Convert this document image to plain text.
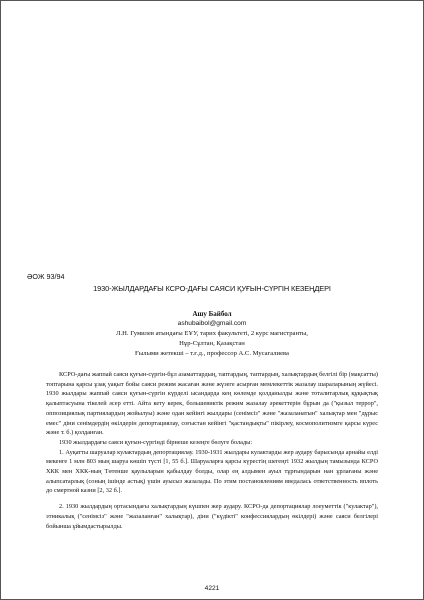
ӘОЖ 93/94
1930-ЖЫЛДАРДАҒЫ КСРО-ДАҒЫ САЯСИ ҚУҒЫН-СҮРГІН КЕЗЕҢДЕРІ
Ашу Байбол
ashubaibol@gmail.com
Л.Н. Гумилев атындағы ЕҰУ, тарих факультеті, 2 курс магистранты,
Нұр-Сұлтан, Қазақстан
Ғылыми жетекші – т.ғ.д., профессор А.С. Мусагалиева

КСРО-дағы жаппай саяси қуғын-сүргін-бұл азаматтардың, таптардың, таптардың, халықтардың белгілі бір (мақсатты) топтарына қарсы ұзақ уақыт бойы саяси режим жасаған және жүзеге асырған мемлекеттік жазалау шараларының жүйесі. 1930 жылдары жаппай саяси қуғын-сүргін күрделі ысандарда кең көлемде қолданылды және тоталитарлық құқықтық қалыптасуына тікелей әсер етті. Айта кету керек, большевиктік режим жазалау әрекеттерін бұрын да ("қызыл террор", оппозициялық партиялардың жойылуы) және одан кейінгі жылдары (сенімсіз" және "жазаланатын" халықтар мен "дұрыс емес" діни сенімдердің өкілдерін депортациялау, соғыстан кейінгі "қастандықты" пікірлеу, космополитизмге қарсы күрес және т. б.) қолданған.

1930 жылдардағы саяси қуғын-сүргінді бірнеше кезеңге бөлуге болады:

1. Ауқатты шаруалар кулактардың депортациялау. 1930-1931 жылдары кулактарды жер аудару барысында арнайы елді мекенге 1 млн 803 мың шаруа көшіп түсті [1, 55 б.]. Шаруаларға қарсы күрестің шегеңгі 1932 жылдың тамызында КСРО ХКК мен ХКК-ның Төтенше қаулыларын қабылдау болды, олар ең алдымен ауыл тұрғындарын нан ұрлағаны және алыпсатарлық (соның ішінде астық) үшін ауысыз жазалады. По этим постановлениям введалась ответственность вплоть до смертной казни [2, 32 б.].

2. 1930 жылдардың ортасындағы халықтардың күшпен жер аудару. КСРО-да депортациялар лоеуметтік ("кулактар"), этникалық ("сенімсіз" және "жазаланған" халықтар), діни ("күдікті" конфессиялардың өкілдері) және саяси белгілері бойынша ұйымдастырылды.

4221
